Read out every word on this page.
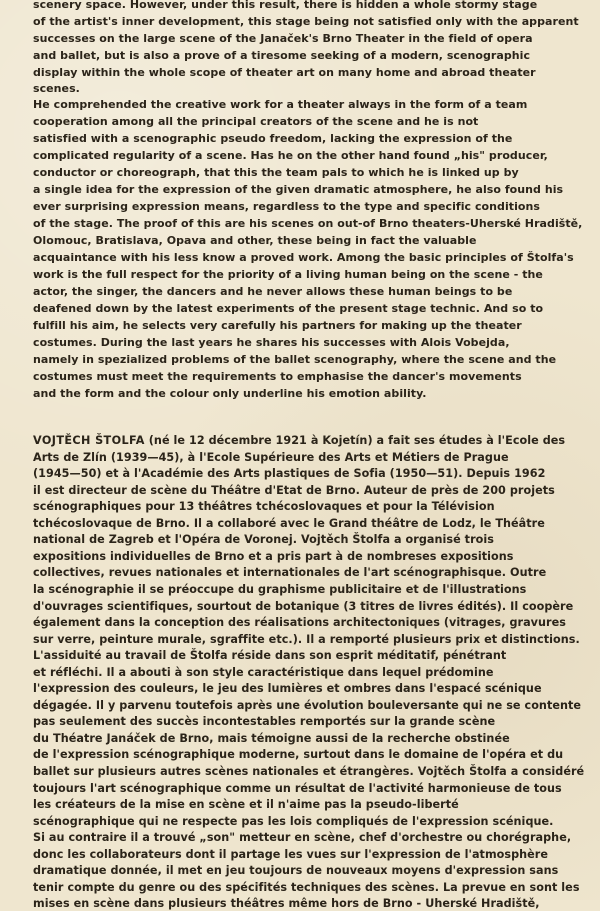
scenery space. However, under this result, there is hidden a whole stormy stage
of the artist's inner development, this stage being not satisfied only with the apparent
successes on the large scene of the Janaček's Brno Theater in the field of opera
and ballet, but is also a prove of a tiresome seeking of a modern, scenographic
display within the whole scope of theater art on many home and abroad theater
scenes.
He comprehended the creative work for a theater always in the form of a team
cooperation among all the principal creators of the scene and he is not
satisfied with a scenographic pseudo freedom, lacking the expression of the
complicated regularity of a scene. Has he on the other hand found „his" producer,
conductor or choreograph, that this the team pals to which he is linked up by
a single idea for the expression of the given dramatic atmosphere, he also found his
ever surprising expression means, regardless to the type and specific conditions
of the stage. The proof of this are his scenes on out-of Brno theaters-Uherské Hradiště,
Olomouc, Bratislava, Opava and other, these being in fact the valuable
acquaintance with his less know a proved work. Among the basic principles of Štolfa's
work is the full respect for the priority of a living human being on the scene - the
actor, the singer, the dancers and he never allows these human beings to be
deafened down by the latest experiments of the present stage technic. And so to
fulfill his aim, he selects very carefully his partners for making up the theater
costumes. During the last years he shares his successes with Alois Vobejda,
namely in spezialized problems of the ballet scenography, where the scene and the
costumes must meet the requirements to emphasise the dancer's movements
and the form and the colour only underline his emotion ability.
VOJTĚCH ŠTOLFA (né le 12 décembre 1921 à Kojetín) a fait ses études à l'Ecole des
Arts de Zlín (1939—45), à l'Ecole Supérieure des Arts et Métiers de Prague
(1945—50) et à l'Académie des Arts plastiques de Sofia (1950—51). Depuis 1962
il est directeur de scène du Théâtre d'Etat de Brno. Auteur de près de 200 projets
scénographiques pour 13 théâtres tchécoslovaques et pour la Télévision
tchécoslovaque de Brno. Il a collaboré avec le Grand théâtre de Lodz, le Théâtre
national de Zagreb et l'Opéra de Voronej. Vojtěch Štolfa a organisé trois
expositions individuelles de Brno et a pris part à de nombreses expositions
collectives, revues nationales et internationales de l'art scénographisque. Outre
la scénographie il se préoccupe du graphisme publicitaire et de l'illustrations
d'ouvrages scientifiques, sourtout de botanique (3 titres de livres édités). Il coopère
également dans la conception des réalisations architectoniques (vitrages, gravures
sur verre, peinture murale, sgraffite etc.). Il a remporté plusieurs prix et distinctions.
L'assiduité au travail de Štolfa réside dans son esprit méditatif, pénétrant
et réfléchi. Il a abouti à son style caractéristique dans lequel prédomine
l'expression des couleurs, le jeu des lumières et ombres dans l'espacé scénique
dégagée. Il y parvenu toutefois après une évolution bouleversante qui ne se contente
pas seulement des succès incontestables remportés sur la grande scène
du Théatre Janáček de Brno, mais témoigne aussi de la recherche obstinée
de l'expression scénographique moderne, surtout dans le domaine de l'opéra et du
ballet sur plusieurs autres scènes nationales et étrangères. Vojtěch Štolfa a considéré
toujours l'art scénographique comme un résultat de l'activité harmonieuse de tous
les créateurs de la mise en scène et il n'aime pas la pseudo-liberté
scénographique qui ne respecte pas les lois compliqués de l'expression scénique.
Si au contraire il a trouvé „son" metteur en scène, chef d'orchestre ou chorégraphe,
donc les collaborateurs dont il partage les vues sur l'expression de l'atmosphère
dramatique donnée, il met en jeu toujours de nouveaux moyens d'expression sans
tenir compte du genre ou des spécifités techniques des scènes. La prevue en sont les
mises en scène dans plusieurs théâtres même hors de Brno - Uherské Hradiště,
